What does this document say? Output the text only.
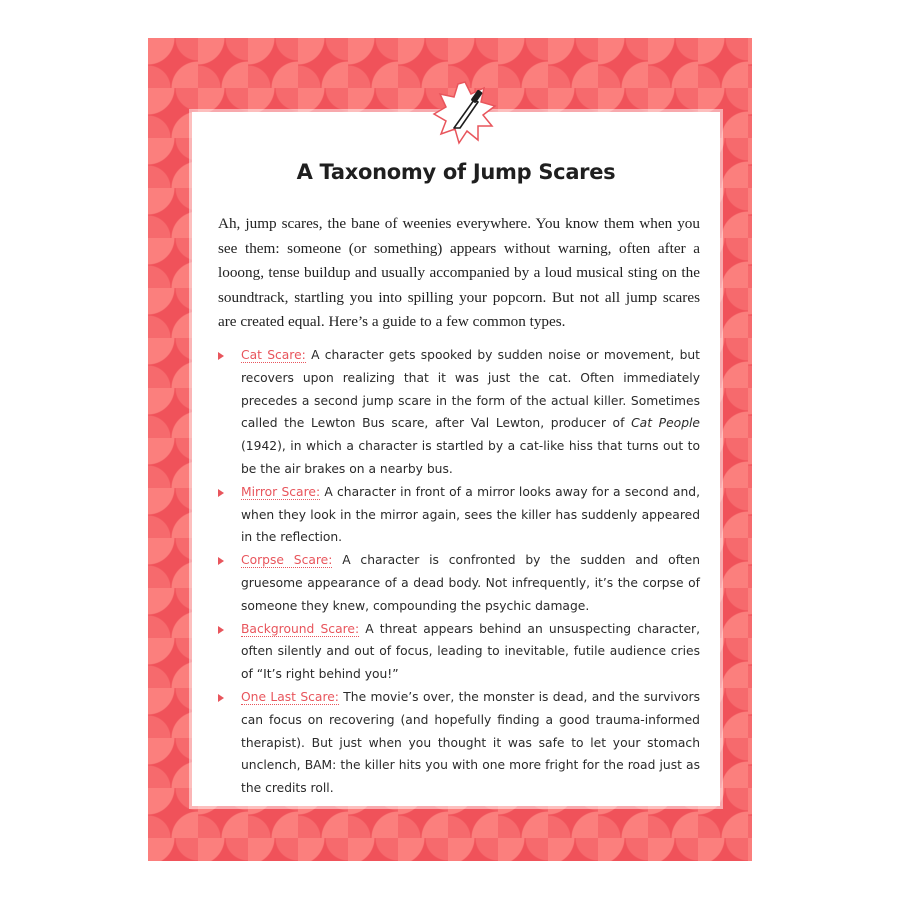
A Taxonomy of Jump Scares

Ah, jump scares, the bane of weenies everywhere. You know them when you see them: someone (or something) appears without warning, often after a looong, tense buildup and usually accompanied by a loud musical sting on the soundtrack, startling you into spilling your popcorn. But not all jump scares are created equal. Here’s a guide to a few common types.

Cat Scare: A character gets spooked by sudden noise or movement, but recovers upon realizing that it was just the cat. Often immediately precedes a second jump scare in the form of the actual killer. Sometimes called the Lewton Bus scare, after Val Lewton, producer of Cat People (1942), in which a character is startled by a cat-like hiss that turns out to be the air brakes on a nearby bus.
Mirror Scare: A character in front of a mirror looks away for a second and, when they look in the mirror again, sees the killer has suddenly appeared in the reflection.
Corpse Scare: A character is confronted by the sudden and often gruesome appearance of a dead body. Not infrequently, it’s the corpse of someone they knew, compounding the psychic damage.
Background Scare: A threat appears behind an unsuspecting character, often silently and out of focus, leading to inevitable, futile audience cries of “It’s right behind you!”
One Last Scare: The movie’s over, the monster is dead, and the survivors can focus on recovering (and hopefully finding a good trauma-informed therapist). But just when you thought it was safe to let your stomach unclench, BAM: the killer hits you with one more fright for the road just as the credits roll.
